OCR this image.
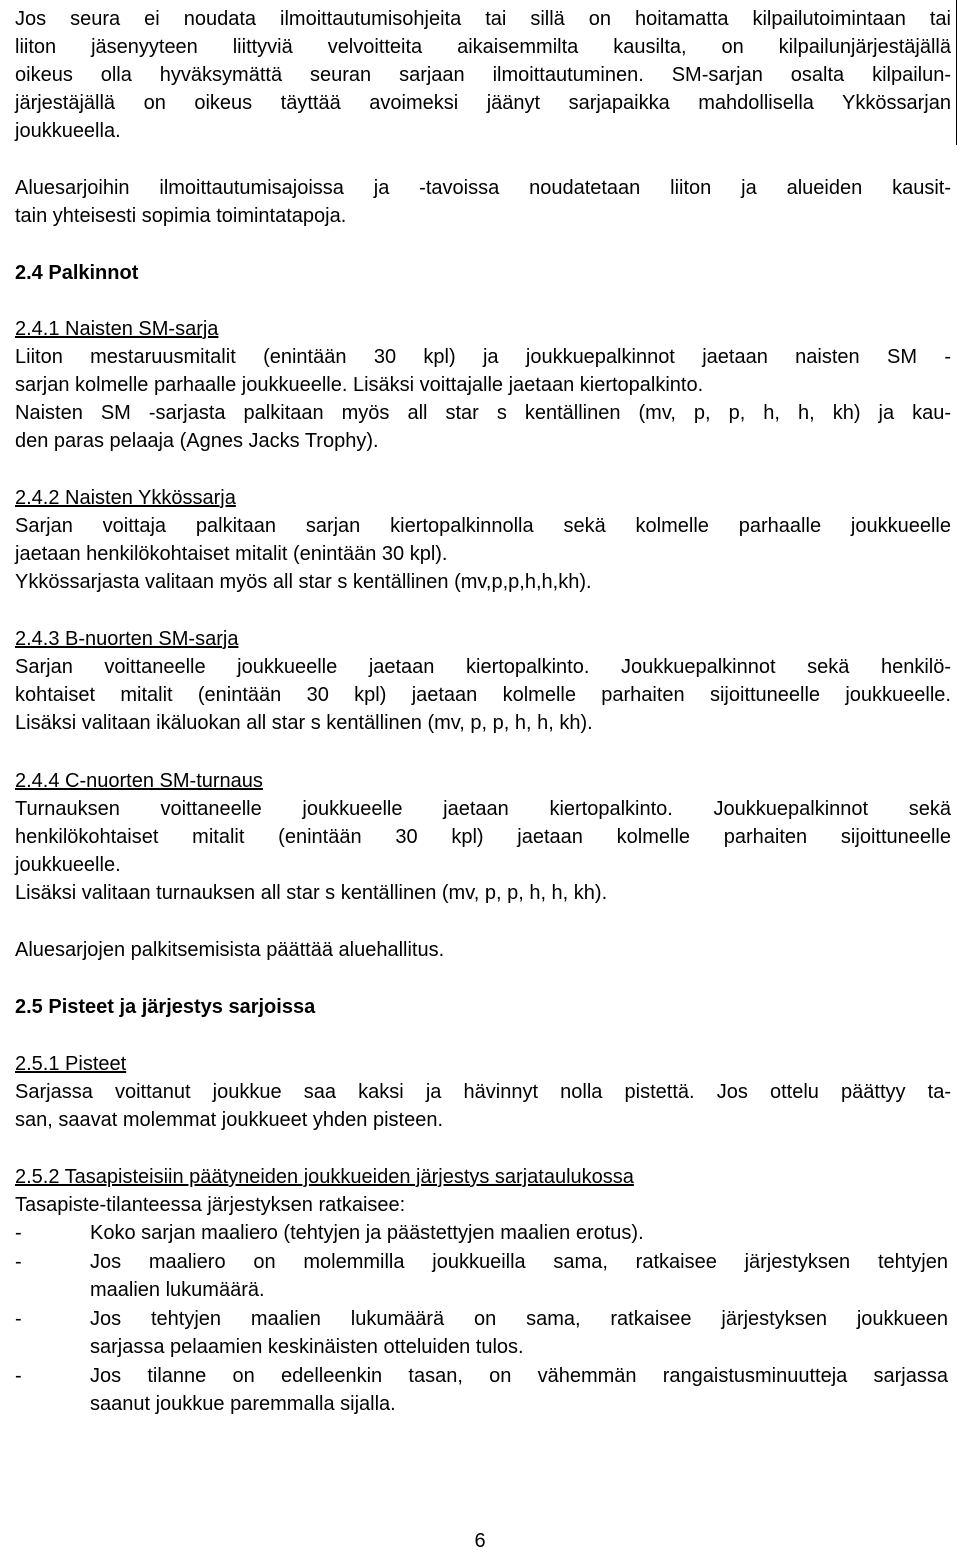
Jos seura ei noudata ilmoittautumisohjeita tai sillä on hoitamatta kilpailutoimintaan tai
liiton jäsenyyteen liittyviä velvoitteita aikaisemmilta kausilta, on kilpailunjärjestäjällä
oikeus olla hyväksymättä seuran sarjaan ilmoittautuminen. SM-sarjan osalta kilpailun-
järjestäjällä on oikeus täyttää avoimeksi jäänyt sarjapaikka mahdollisella Ykkössarjan
joukkueella.
Aluesarjoihin ilmoittautumisajoissa ja -tavoissa noudatetaan liiton ja alueiden kausit-
tain yhteisesti sopimia toimintatapoja.
2.4 Palkinnot
2.4.1 Naisten SM-sarja
Liiton mestaruusmitalit (enintään 30 kpl) ja joukkuepalkinnot jaetaan naisten SM -
sarjan kolmelle parhaalle joukkueelle. Lisäksi voittajalle jaetaan kiertopalkinto.
Naisten SM -sarjasta palkitaan myös all star s kentällinen (mv, p, p, h, h, kh) ja kau-
den paras pelaaja (Agnes Jacks Trophy).
2.4.2 Naisten Ykkössarja
Sarjan voittaja palkitaan sarjan kiertopalkinnolla sekä kolmelle parhaalle joukkueelle
jaetaan henkilökohtaiset mitalit (enintään 30 kpl).
Ykkössarjasta valitaan myös all star s kentällinen (mv,p,p,h,h,kh).
2.4.3 B-nuorten SM-sarja
Sarjan voittaneelle joukkueelle jaetaan kiertopalkinto. Joukkuepalkinnot sekä henkilö-
kohtaiset mitalit (enintään 30 kpl) jaetaan kolmelle parhaiten sijoittuneelle joukkueelle.
Lisäksi valitaan ikäluokan all star s kentällinen (mv, p, p, h, h, kh).
2.4.4 C-nuorten SM-turnaus
Turnauksen voittaneelle joukkueelle jaetaan kiertopalkinto. Joukkuepalkinnot sekä
henkilökohtaiset mitalit (enintään 30 kpl) jaetaan kolmelle parhaiten sijoittuneelle
joukkueelle.
Lisäksi valitaan turnauksen all star s kentällinen (mv, p, p, h, h, kh).
Aluesarjojen palkitsemisista päättää aluehallitus.
2.5 Pisteet ja järjestys sarjoissa
2.5.1 Pisteet
Sarjassa voittanut joukkue saa kaksi ja hävinnyt nolla pistettä. Jos ottelu päättyy ta-
san, saavat molemmat joukkueet yhden pisteen.
2.5.2 Tasapisteisiin päätyneiden joukkueiden järjestys sarjataulukossa
Tasapiste-tilanteessa järjestyksen ratkaisee:
-	Koko sarjan maaliero (tehtyjen ja päästettyjen maalien erotus).
-	Jos maaliero on molemmilla joukkueilla sama, ratkaisee järjestyksen tehtyjen
maalien lukumäärä.
-	Jos tehtyjen maalien lukumäärä on sama, ratkaisee järjestyksen joukkueen
sarjassa pelaamien keskinäisten otteluiden tulos.
-	Jos tilanne on edelleenkin tasan, on vähemmän rangaistusminuutteja sarjassa
saanut joukkue paremmalla sijalla.
6
